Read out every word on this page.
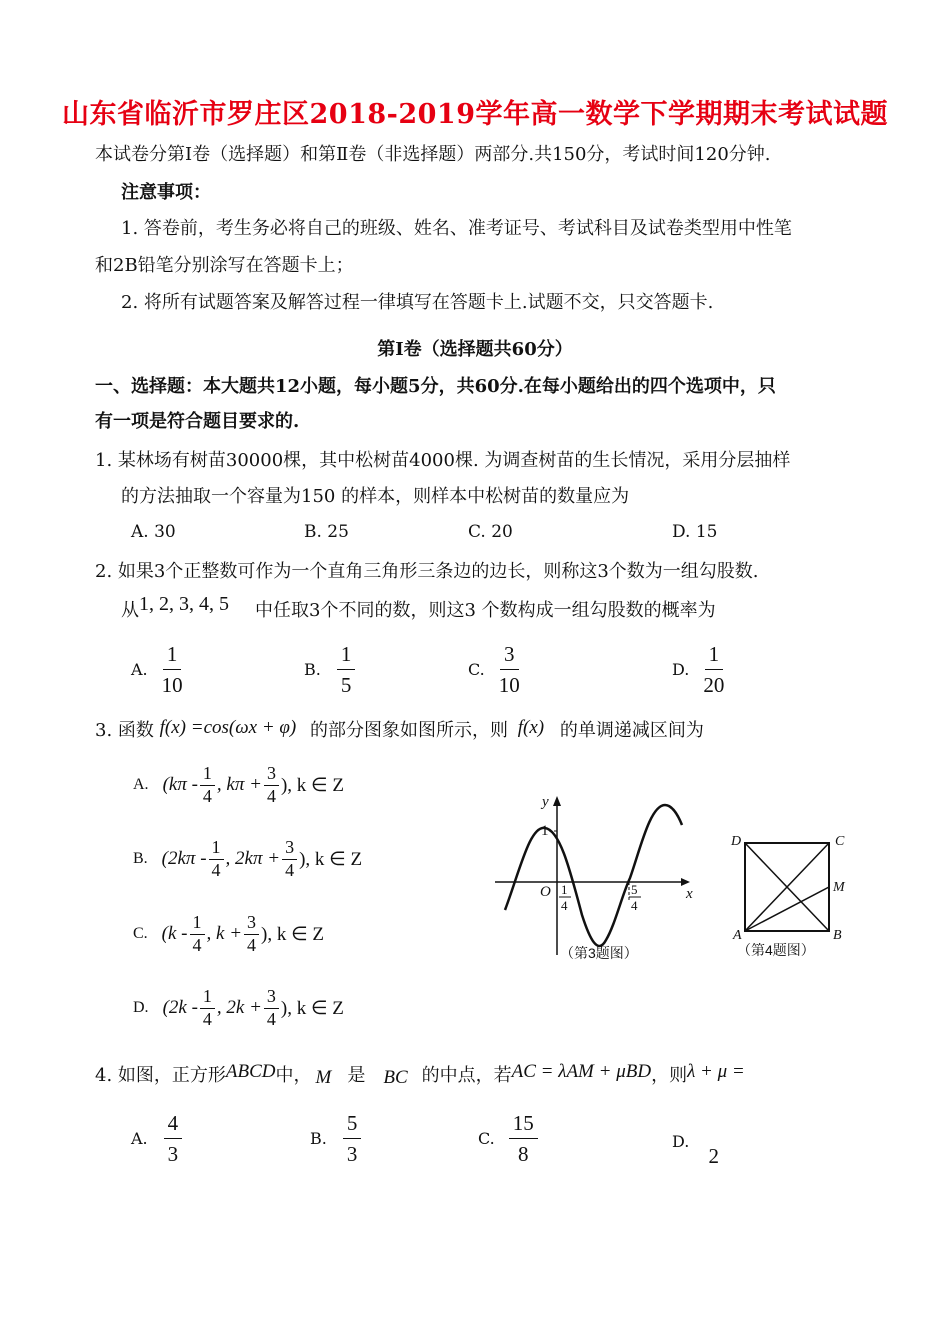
山东省临沂市罗庄区2018-2019学年高一数学下学期期末考试试题
本试卷分第Ⅰ卷（选择题）和第Ⅱ卷（非选择题）两部分.共150分，考试时间120分钟.
注意事项：
1. 答卷前，考生务必将自己的班级、姓名、准考证号、考试科目及试卷类型用中性笔
和2B铅笔分别涂写在答题卡上；
2. 将所有试题答案及解答过程一律填写在答题卡上.试题不交，只交答题卡.
第Ⅰ卷（选择题共60分）
一、选择题：本大题共12小题，每小题5分，共60分.在每小题给出的四个选项中，只
有一项是符合题目要求的.
1. 某林场有树苗30000棵，其中松树苗4000棵. 为调查树苗的生长情况，采用分层抽样
的方法抽取一个容量为150 的样本，则样本中松树苗的数量应为
A. 30	B. 25	C. 20	D. 15
2. 如果3个正整数可作为一个直角三角形三条边的边长，则称这3个数为一组勾股数.
从1, 2, 3, 4, 5 中任取3个不同的数，则这3 个数构成一组勾股数的概率为
A. $\frac{1}{10}$	B. $\frac{1}{5}$	C. $\frac{3}{10}$	D. $\frac{1}{20}$
3. 函数 f(x) =cos(ωx + φ) 的部分图象如图所示，则 f(x) 的单调递减区间为
A. ($k\pi - \frac{1}{4}$ , $k\pi + \frac{3}{4}$ ), k ∈ Z
B. ($2k\pi - \frac{1}{4}$ , $2k\pi + \frac{3}{4}$ ), k ∈ Z
C. ($k - \frac{1}{4}$ , $k + \frac{3}{4}$ ), k ∈ Z
D. ($2k - \frac{1}{4}$ , $2k + \frac{3}{4}$ ), k ∈ Z
y
x
O
1
1
4
5
4
（第3题图）
D	C
M
A	B
（第4题图）
4. 如图，正方形ABCD中， M 是 BC 的中点，若AC = λAM + μBD，则λ + μ =
A. $\frac{4}{3}$	B. $\frac{5}{3}$	C. $\frac{15}{8}$	D. 2
